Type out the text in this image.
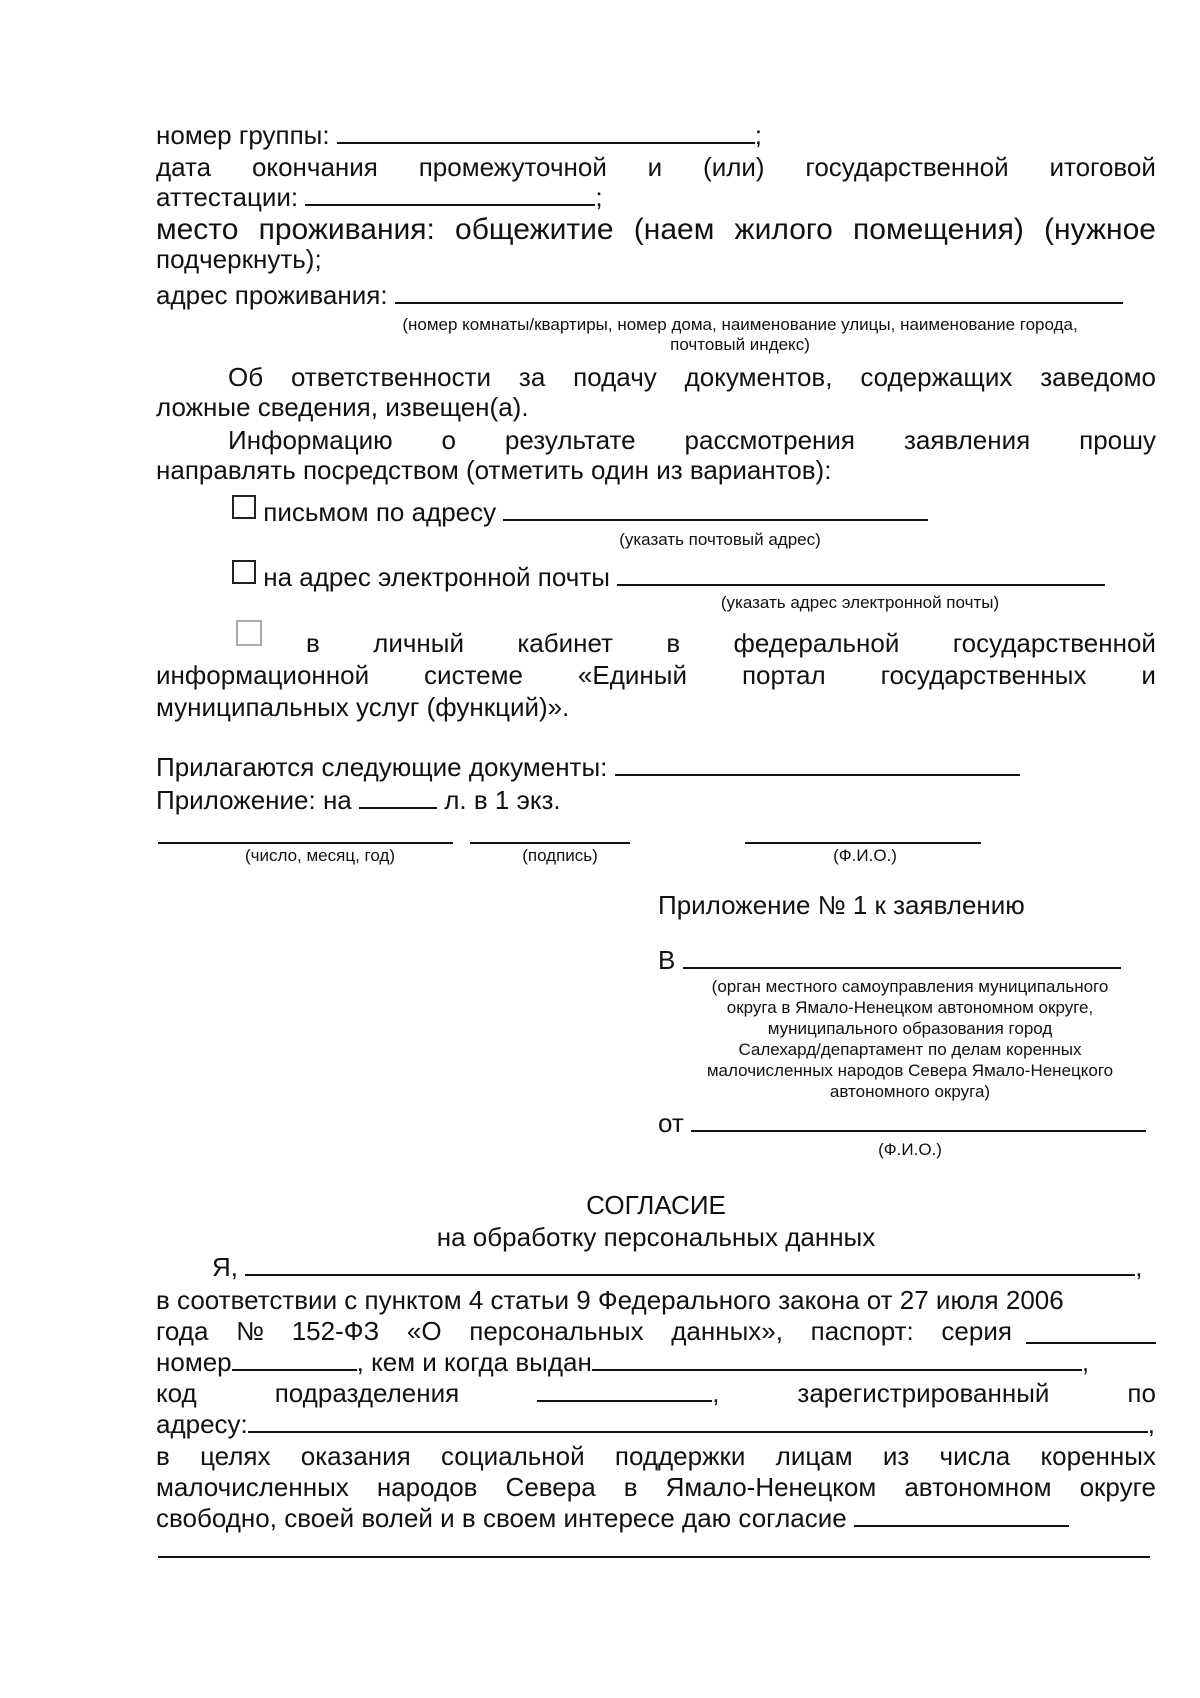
номер группы:	;
дата окончания промежуточной и (или) государственной итоговой
аттестации:	;
место проживания: общежитие (наем жилого помещения) (нужное
подчеркнуть);
адрес проживания:
(номер комнаты/квартиры, номер дома, наименование улицы, наименование города,
почтовый индекс)
Об ответственности за подачу документов, содержащих заведомо
ложные сведения, извещен(а).
Информацию о результате рассмотрения заявления прошу
направлять посредством (отметить один из вариантов):
письмом по адресу
(указать почтовый адрес)
на адрес электронной почты
(указать адрес электронной почты)
в личный кабинет в федеральной государственной
информационной системе «Единый портал государственных и
муниципальных услуг (функций)».
Прилагаются следующие документы:
Приложение: на	л. в 1 экз.
(число, месяц, год)	(подпись)	(Ф.И.О.)
Приложение № 1 к заявлению
В
(орган местного самоуправления муниципального
округа в Ямало-Ненецком автономном округе,
муниципального образования город
Салехард/департамент по делам коренных
малочисленных народов Севера Ямало-Ненецкого
автономного округа)
от
(Ф.И.О.)
СОГЛАСИЕ
на обработку персональных данных
Я,	,
в соответствии с пунктом 4 статьи 9 Федерального закона от 27 июля 2006
года № 152-ФЗ «О персональных данных», паспорт: серия
номер	, кем и когда выдан	,
код	подразделения	,	зарегистрированный	по
адресу:	,
в целях оказания социальной поддержки лицам из числа коренных
малочисленных народов Севера в Ямало-Ненецком автономном округе
свободно, своей волей и в своем интересе даю согласие
